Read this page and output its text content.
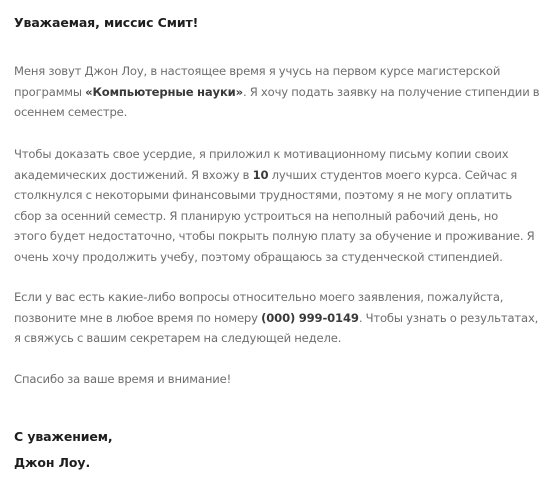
Уважаемая, миссис Смит!
Меня зовут Джон Лоу, в настоящее время я учусь на первом курсе магистерской
программы «Компьютерные науки». Я хочу подать заявку на получение стипендии в
осеннем семестре.
Чтобы доказать свое усердие, я приложил к мотивационному письму копии своих
академических достижений. Я вхожу в 10 лучших студентов моего курса. Сейчас я
столкнулся с некоторыми финансовыми трудностями, поэтому я не могу оплатить
сбор за осенний семестр. Я планирую устроиться на неполный рабочий день, но
этого будет недостаточно, чтобы покрыть полную плату за обучение и проживание. Я
очень хочу продолжить учебу, поэтому обращаюсь за студенческой стипендией.
Если у вас есть какие-либо вопросы относительно моего заявления, пожалуйста,
позвоните мне в любое время по номеру (000) 999-0149. Чтобы узнать о результатах,
я свяжусь с вашим секретарем на следующей неделе.
Спасибо за ваше время и внимание!
С уважением,
Джон Лоу.
